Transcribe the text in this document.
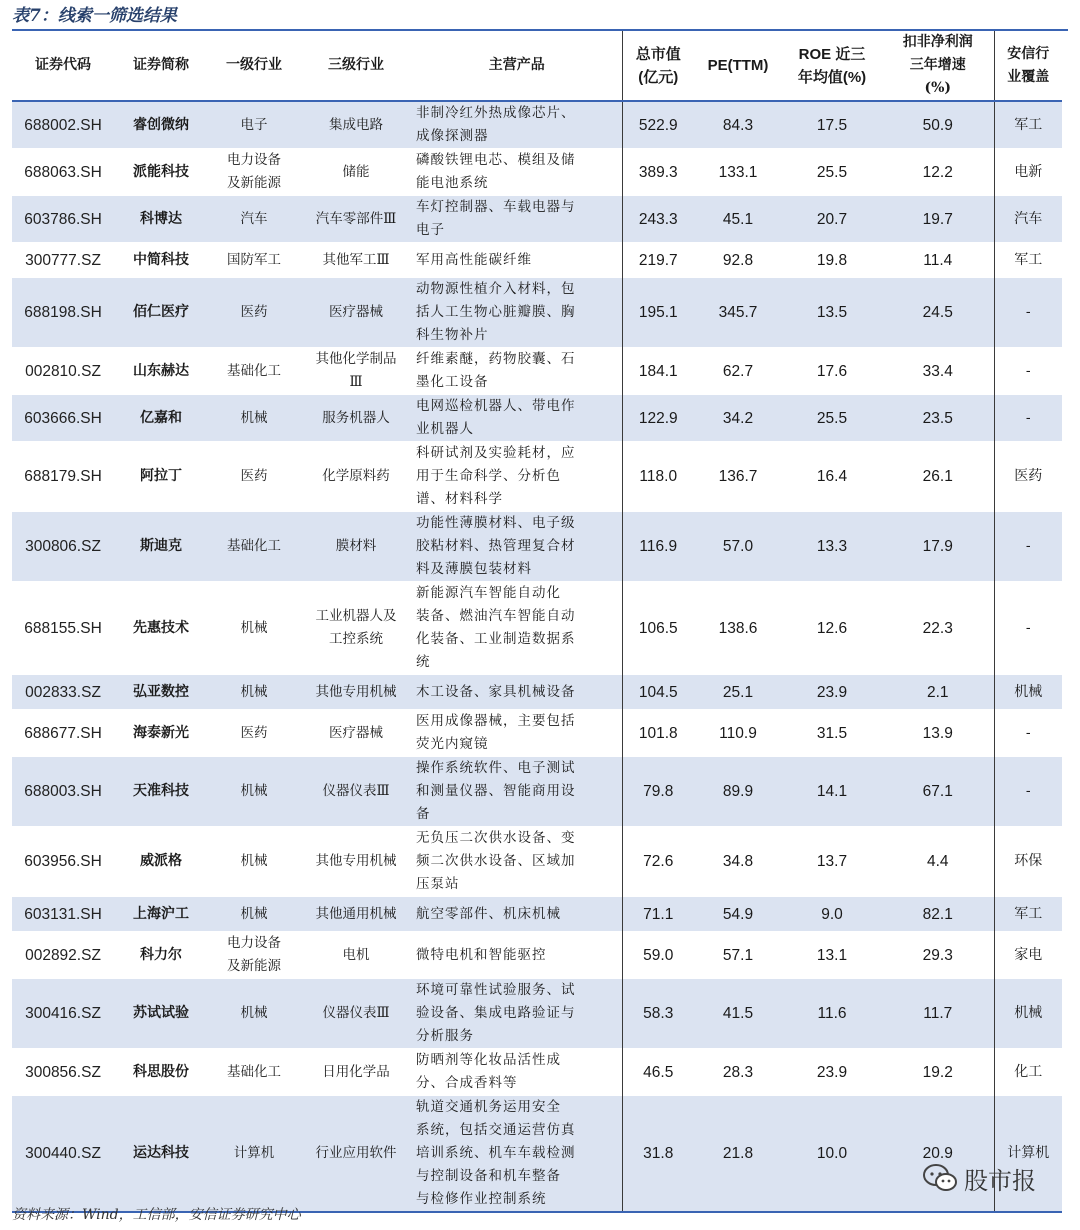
表7：线索一筛选结果
证券代码	证券简称	一级行业	三级行业	主营产品	总市值
(亿元)	PE(TTM)	ROE 近三
年均值(%)	扣非净利润
三年增速
(%)	安信行
业覆盖
688002.SH	睿创微纳	电子	集成电路	非制冷红外热成像芯片、
成像探测器	522.9	84.3	17.5	50.9	军工
688063.SH	派能科技	电力设备
及新能源	储能	磷酸铁锂电芯、模组及储
能电池系统	389.3	133.1	25.5	12.2	电新
603786.SH	科博达	汽车	汽车零部件Ⅲ	车灯控制器、车载电器与
电子	243.3	45.1	20.7	19.7	汽车
300777.SZ	中简科技	国防军工	其他军工Ⅲ	军用高性能碳纤维	219.7	92.8	19.8	11.4	军工
688198.SH	佰仁医疗	医药	医疗器械	动物源性植介入材料，包
括人工生物心脏瓣膜、胸
科生物补片	195.1	345.7	13.5	24.5	-
002810.SZ	山东赫达	基础化工	其他化学制品
Ⅲ	纤维素醚，药物胶囊、石
墨化工设备	184.1	62.7	17.6	33.4	-
603666.SH	亿嘉和	机械	服务机器人	电网巡检机器人、带电作
业机器人	122.9	34.2	25.5	23.5	-
688179.SH	阿拉丁	医药	化学原料药	科研试剂及实验耗材，应
用于生命科学、分析色
谱、材料科学	118.0	136.7	16.4	26.1	医药
300806.SZ	斯迪克	基础化工	膜材料	功能性薄膜材料、电子级
胶粘材料、热管理复合材
料及薄膜包装材料	116.9	57.0	13.3	17.9	-
688155.SH	先惠技术	机械	工业机器人及
工控系统	新能源汽车智能自动化
装备、燃油汽车智能自动
化装备、工业制造数据系
统	106.5	138.6	12.6	22.3	-
002833.SZ	弘亚数控	机械	其他专用机械	木工设备、家具机械设备	104.5	25.1	23.9	2.1	机械
688677.SH	海泰新光	医药	医疗器械	医用成像器械，主要包括
荧光内窥镜	101.8	110.9	31.5	13.9	-
688003.SH	天准科技	机械	仪器仪表Ⅲ	操作系统软件、电子测试
和测量仪器、智能商用设
备	79.8	89.9	14.1	67.1	-
603956.SH	威派格	机械	其他专用机械	无负压二次供水设备、变
频二次供水设备、区域加
压泵站	72.6	34.8	13.7	4.4	环保
603131.SH	上海沪工	机械	其他通用机械	航空零部件、机床机械	71.1	54.9	9.0	82.1	军工
002892.SZ	科力尔	电力设备
及新能源	电机	微特电机和智能驱控	59.0	57.1	13.1	29.3	家电
300416.SZ	苏试试验	机械	仪器仪表Ⅲ	环境可靠性试验服务、试
验设备、集成电路验证与
分析服务	58.3	41.5	11.6	11.7	机械
300856.SZ	科思股份	基础化工	日用化学品	防晒剂等化妆品活性成
分、合成香料等	46.5	28.3	23.9	19.2	化工
300440.SZ	运达科技	计算机	行业应用软件	轨道交通机务运用安全
系统，包括交通运营仿真
培训系统、机车车载检测
与控制设备和机车整备
与检修作业控制系统	31.8	21.8	10.0	20.9	计算机
资料来源：Wind，工信部，安信证券研究中心
股市报
